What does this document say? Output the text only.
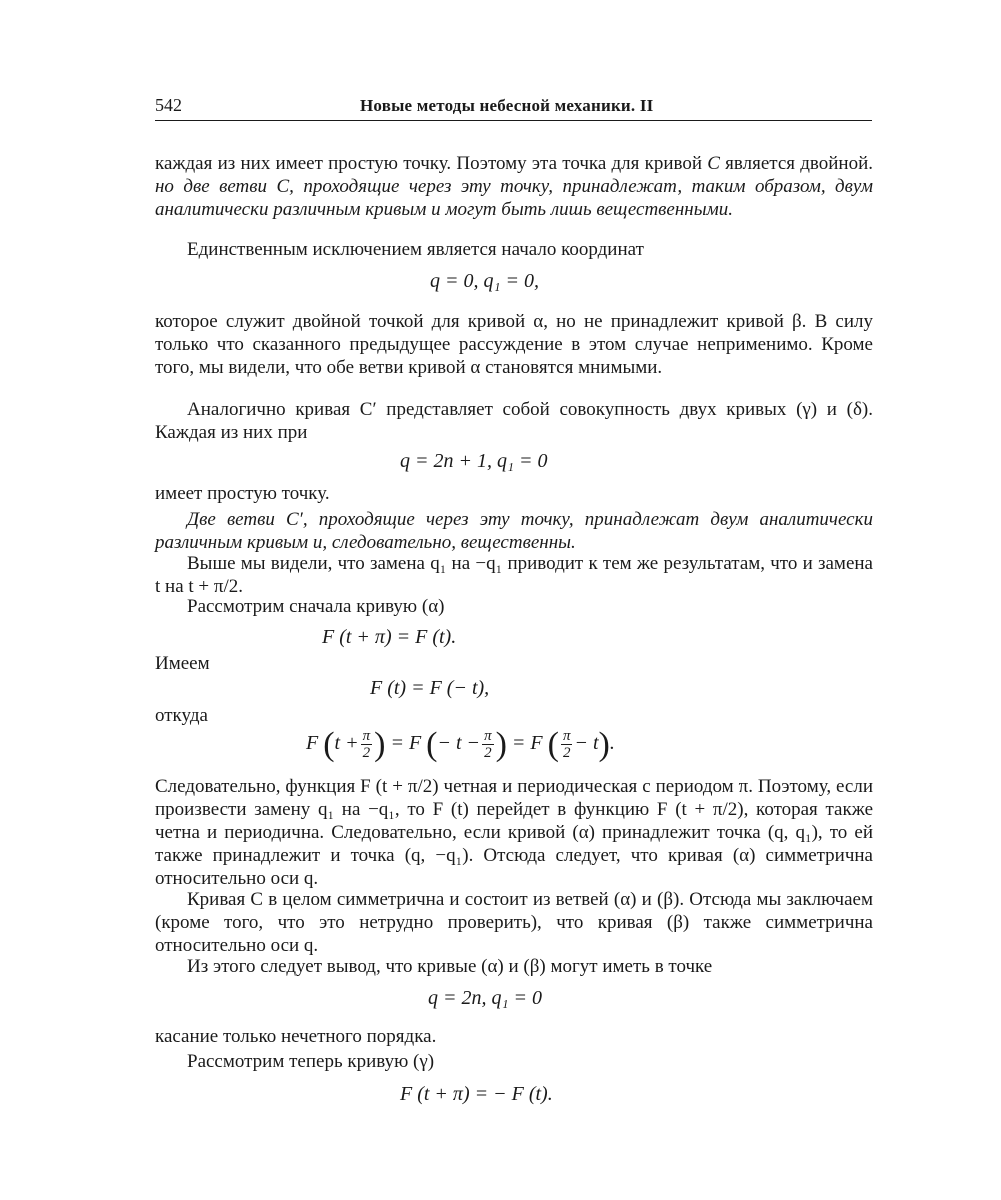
542	Новые методы небесной механики. II

каждая из них имеет простую точку. Поэтому эта точка для кривой C является двойной. но две ветви C, проходящие через эту точку, принадлежат, таким образом, двум аналитически различным кривым и могут быть лишь вещественными.

Единственным исключением является начало координат

q = 0, q₁ = 0,

которое служит двойной точкой для кривой α, но не принадлежит кривой β. В силу только что сказанного предыдущее рассуждение в этом случае неприменимо. Кроме того, мы видели, что обе ветви кривой α становятся мнимыми.

Аналогично кривая C′ представляет собой совокупность двух кривых (γ) и (δ). Каждая из них при

q = 2n + 1, q₁ = 0

имеет простую точку.

Две ветви C′, проходящие через эту точку, принадлежат двум аналитически различным кривым и, следовательно, вещественны.

Выше мы видели, что замена q₁ на −q₁ приводит к тем же результатам, что и замена t на t + π/2.

Рассмотрим сначала кривую (α)

F (t + π) = F (t).
Имеем
F (t) = F (− t),
откуда
F ($t + \frac{\pi}{2}$ ) = F (− $t - \frac{\pi}{2}$ ) = F ( $\frac{\pi}{2} - t$).

Следовательно, функция F (t + π/2) четная и периодическая с периодом π. Поэтому, если произвести замену q₁ на −q₁, то F (t) перейдет в функцию F (t + π/2), которая также четна и периодична. Следовательно, если кривой (α) принадлежит точка (q, q₁), то ей также принадлежит и точка (q, −q₁). Отсюда следует, что кривая (α) симметрична относительно оси q.

Кривая C в целом симметрична и состоит из ветвей (α) и (β). Отсюда мы заключаем (кроме того, что это нетрудно проверить), что кривая (β) также симметрична относительно оси q.

Из этого следует вывод, что кривые (α) и (β) могут иметь в точке

q = 2n, q₁ = 0

касание только нечетного порядка.

Рассмотрим теперь кривую (γ)

F (t + π) = − F (t).
